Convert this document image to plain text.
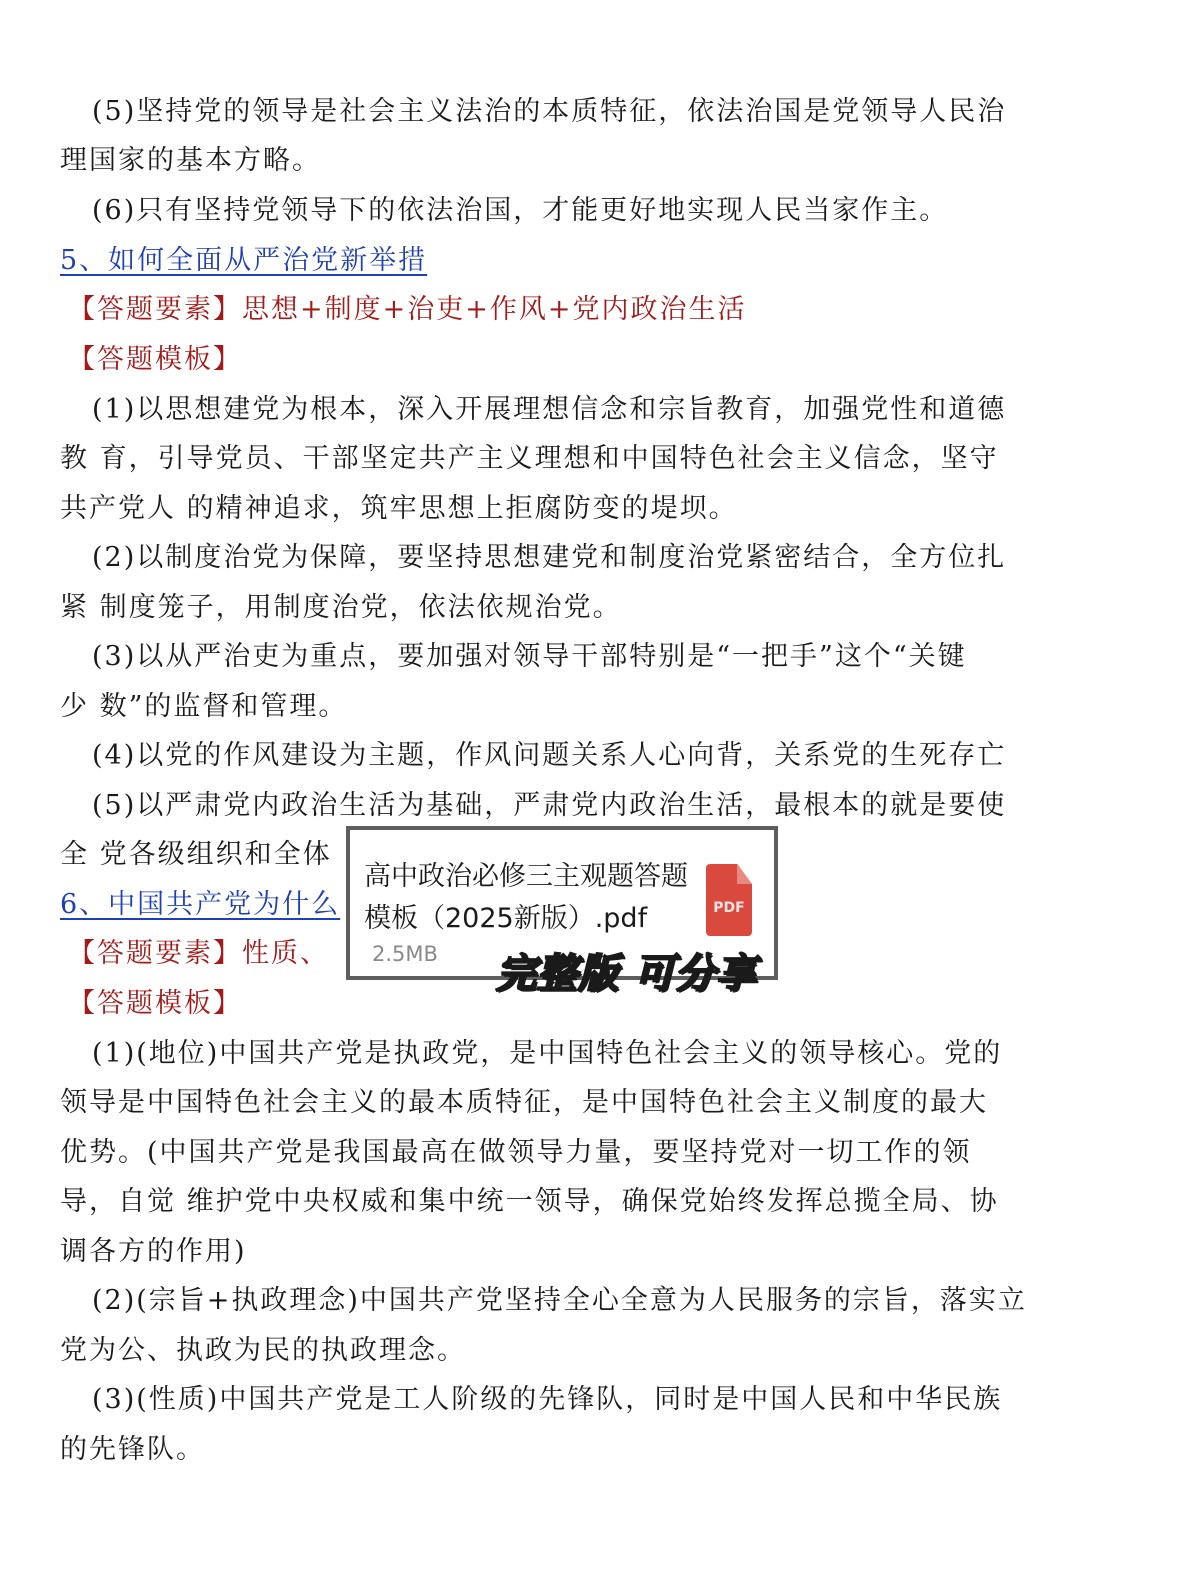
(5)坚持党的领导是社会主义法治的本质特征，依法治国是党领导人民治
理国家的基本方略。
(6)只有坚持党领导下的依法治国，才能更好地实现人民当家作主。
5、如何全面从严治党新举措
【答题要素】思想+制度+治吏+作风+党内政治生活
【答题模板】
(1)以思想建党为根本，深入开展理想信念和宗旨教育，加强党性和道德
教 育，引导党员、干部坚定共产主义理想和中国特色社会主义信念，坚守
共产党人 的精神追求，筑牢思想上拒腐防变的堤坝。
(2)以制度治党为保障，要坚持思想建党和制度治党紧密结合，全方位扎
紧 制度笼子，用制度治党，依法依规治党。
(3)以从严治吏为重点，要加强对领导干部特别是“一把手”这个“关键
少 数”的监督和管理。
(4)以党的作风建设为主题，作风问题关系人心向背，关系党的生死存亡
(5)以严肃党内政治生活为基础，严肃党内政治生活，最根本的就是要使
全 党各级组织和全体
6、中国共产党为什么
【答题要素】性质、
【答题模板】
(1)(地位)中国共产党是执政党，是中国特色社会主义的领导核心。党的
领导是中国特色社会主义的最本质特征，是中国特色社会主义制度的最大
优势。(中国共产党是我国最高在做领导力量，要坚持党对一切工作的领
导，自觉 维护党中央权威和集中统一领导，确保党始终发挥总揽全局、协
调各方的作用)
(2)(宗旨+执政理念)中国共产党坚持全心全意为人民服务的宗旨，落实立
党为公、执政为民的执政理念。
(3)(性质)中国共产党是工人阶级的先锋队，同时是中国人民和中华民族
的先锋队。
高中政治必修三主观题答题模板（2025新版）.pdf
2.5MB
PDF
完整版 可分享
